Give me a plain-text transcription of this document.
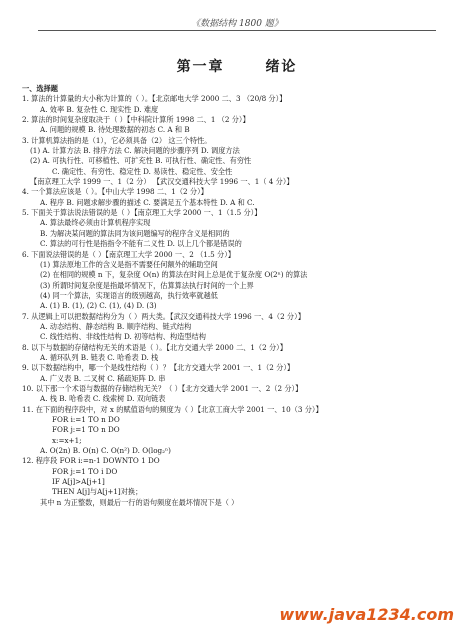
《数据结构 1800 题》
第一章	绪论
一、选择题
1. 算法的计算量的大小称为计算的（ ）。【北京邮电大学 2000 二、3 （20/8 分）】
A. 效率 B. 复杂性 C. 现实性 D. 难度
2. 算法的时间复杂度取决于（ ）【中科院计算所 1998 二、1 （2 分）】
A. 问题的规模 B. 待处理数据的初态 C. A 和 B
3. 计算机算法指的是（1），它必须具备（2） 这三个特性。
(1) A. 计算方法 B. 排序方法 C. 解决问题的步骤序列 D. 调度方法
(2) A. 可执行性、可移植性、可扩充性 B. 可执行性、确定性、有穷性
C. 确定性、有穷性、稳定性 D. 易读性、稳定性、安全性
【南京理工大学 1999 一、1（2 分） 【武汉交通科技大学 1996 一、1（ 4 分）】
4. 一个算法应该是（ ）。【中山大学 1998 二、1（2 分）】
A. 程序 B. 问题求解步骤的描述 C. 要满足五个基本特性 D. A 和 C.
5. 下面关于算法说法错误的是（ ）【南京理工大学 2000 一、1（1.5 分）】
A. 算法最终必须由计算机程序实现
B. 为解决某问题的算法同为该问题编写的程序含义是相同的
C. 算法的可行性是指指令不能有二义性 D. 以上几个都是错误的
6. 下面说法错误的是（ ）【南京理工大学 2000 一、2 （1.5 分）】
(1) 算法原地工作的含义是指不需要任何额外的辅助空间
(2) 在相同的规模 n 下，复杂度 O(n) 的算法在时间上总是优于复杂度 O(2ⁿ) 的算法
(3) 所谓时间复杂度是指最坏情况下，估算算法执行时间的一个上界
(4) 同一个算法，实现语言的级别越高，执行效率就越低
A. (1) B. (1), (2) C. (1), (4) D. (3)
7. 从逻辑上可以把数据结构分为（ ）两大类。【武汉交通科技大学 1996 一、4（2 分）】
A. 动态结构、静态结构 B. 顺序结构、链式结构
C. 线性结构、非线性结构 D. 初等结构、构造型结构
8. 以下与数据的存储结构无关的术语是（ ）。【北方交通大学 2000 二、1（2 分）】
A. 循环队列 B. 链表 C. 哈希表 D. 栈
9. 以下数据结构中，哪一个是线性结构（ ）？【北方交通大学 2001 一、1（2 分）】
A. 广义表 B. 二叉树 C. 稀疏矩阵 D. 串
10. 以下那一个术语与数据的存储结构无关？（ ）【北方交通大学 2001 一、2（2 分）】
A. 栈 B. 哈希表 C. 线索树 D. 双向链表
11. 在下面的程序段中，对 x 的赋值语句的频度为（ ）【北京工商大学 2001 一、10（3 分）】
FOR i:=1 TO n DO
FOR j:=1 TO n DO
x:=x+1;
A. O(2n) B. O(n) C. O(n²) D. O(log₂ⁿ)
12. 程序段 FOR i:=n-1 DOWNTO 1 DO
FOR j:=1 TO i DO
IF A[j]>A[j+1]
THEN A[j]与A[j+1]对换；
其中 n 为正整数，则最后一行的语句频度在最坏情况下是（ ）
www.java1234.com
